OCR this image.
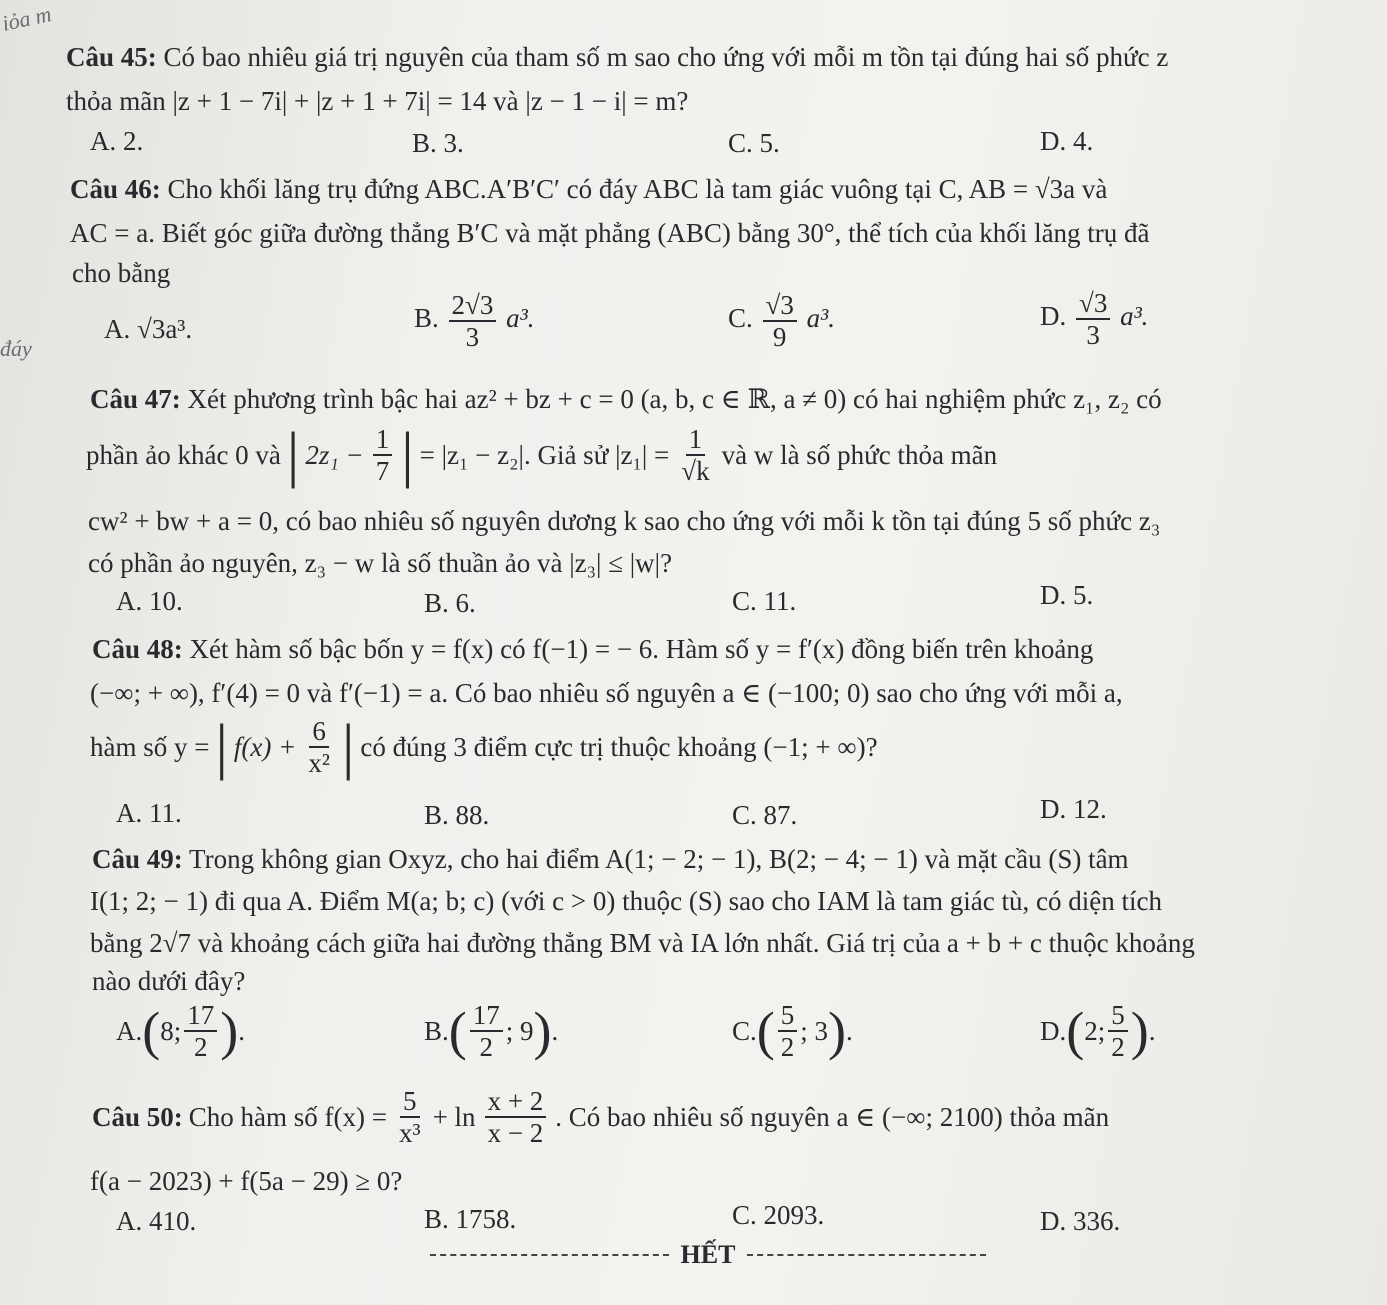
iỏa m
đáy
Câu 45: Có bao nhiêu giá trị nguyên của tham số m sao cho ứng với mỗi m tồn tại đúng hai số phức z
thỏa mãn |z + 1 − 7i| + |z + 1 + 7i| = 14 và |z − 1 − i| = m?
A. 2.	B. 3.	C. 5.	D. 4.
Câu 46: Cho khối lăng trụ đứng ABC.A′B′C′ có đáy ABC là tam giác vuông tại C, AB = √3a và
AC = a. Biết góc giữa đường thẳng B′C và mặt phẳng (ABC) bằng 30°, thể tích của khối lăng trụ đã
cho bằng
A. √3a³.	B. $\frac{2√3}{3} a^3$.	C. $\frac{√3}{9} a^3$.	D. $\frac{√3}{3} a^3$.
Câu 47: Xét phương trình bậc hai az² + bz + c = 0 (a, b, c ∈ ℝ, a ≠ 0) có hai nghiệm phức z₁, z₂ có
phần ảo khác 0 và | $2z_1 - \frac{1}{7}$ | = |z₁ − z₂|. Giả sử $|z_1| = \frac{1}{√k}$ và w là số phức thỏa mãn
cw² + bw + a = 0, có bao nhiêu số nguyên dương k sao cho ứng với mỗi k tồn tại đúng 5 số phức z₃
có phần ảo nguyên, z₃ − w là số thuần ảo và |z₃| ≤ |w|?
A. 10.	B. 6.	C. 11.	D. 5.
Câu 48: Xét hàm số bậc bốn y = f(x) có f(−1) = − 6. Hàm số y = f′(x) đồng biến trên khoảng
(−∞; + ∞), f′(4) = 0 và f′(−1) = a. Có bao nhiêu số nguyên a ∈ (−100; 0) sao cho ứng với mỗi a,
hàm số y = | $f(x) + \frac{6}{\text{x²}}$ | có đúng 3 điểm cực trị thuộc khoảng (−1; + ∞)?
A. 11.	B. 88.	C. 87.	D. 12.
Câu 49: Trong không gian Oxyz, cho hai điểm A(1; − 2; − 1), B(2; − 4; − 1) và mặt cầu (S) tâm
I(1; 2; − 1) đi qua A. Điểm M(a; b; c) (với c > 0) thuộc (S) sao cho IAM là tam giác tù, có diện tích
bằng 2√7 và khoảng cách giữa hai đường thẳng BM và IA lớn nhất. Giá trị của a + b + c thuộc khoảng
nào dưới đây?
A. ( 8; $\frac{17}{2}$ ) .	B. ( $\frac{17}{2}$ ; 9 ) .	C. ( $\frac{5}{2}$ ; 3 ) .	D. ( 2; $\frac{5}{2}$ ) .
Câu 50: Cho hàm số $f(x) = \frac{5}{\text{x³}} + \ln \frac{x + 2}{x - 2}$ . Có bao nhiêu số nguyên a ∈ (−∞; 2100) thỏa mãn
f(a − 2023) + f(5a − 29) ≥ 0?
A. 410.	B. 1758.	C. 2093.	D. 336.
HẾT
